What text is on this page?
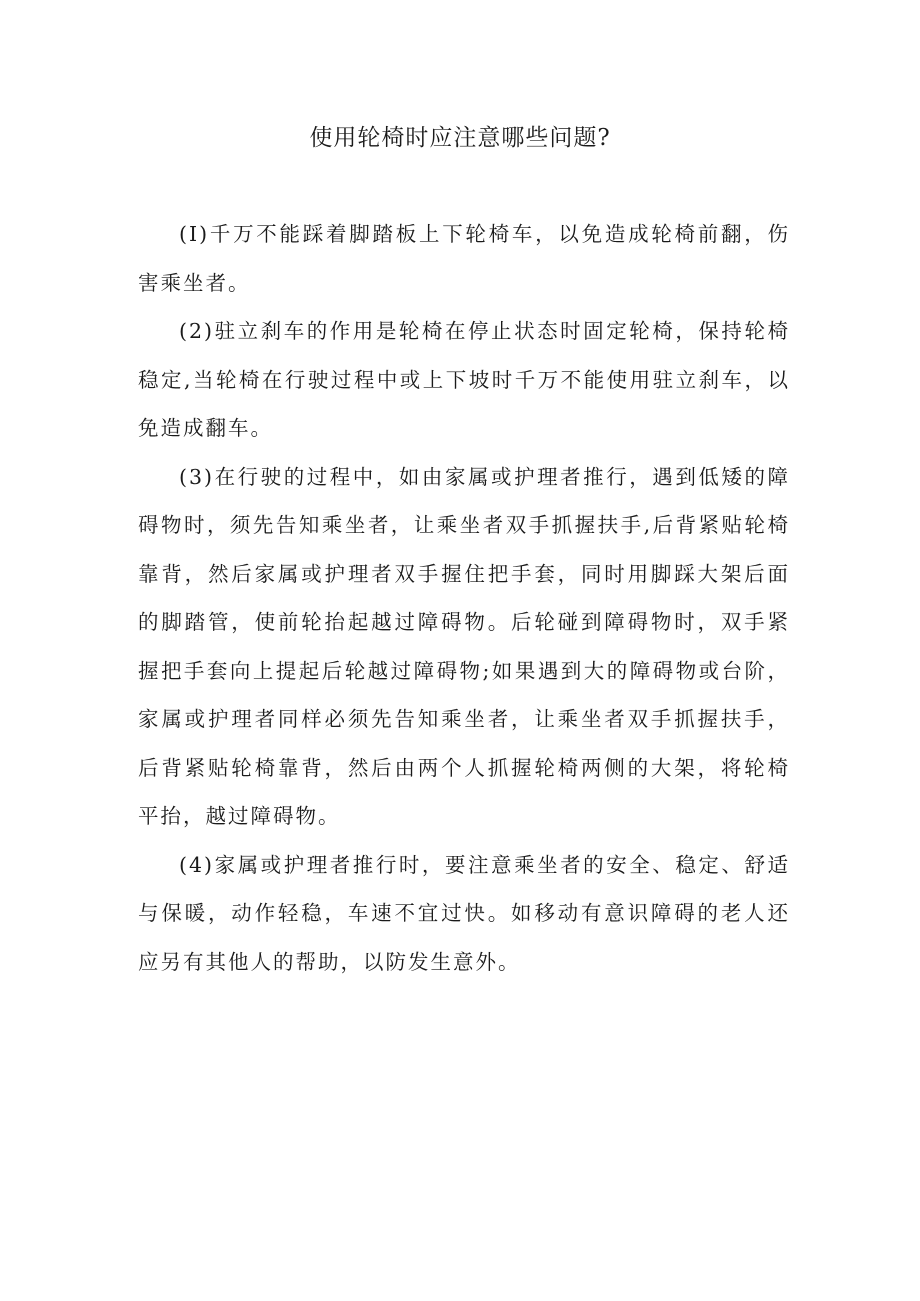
使用轮椅时应注意哪些问题?

(I)千万不能踩着脚踏板上下轮椅车，以免造成轮椅前翻，伤害乘坐者。

(2)驻立刹车的作用是轮椅在停止状态时固定轮椅，保持轮椅稳定,当轮椅在行驶过程中或上下坡时千万不能使用驻立刹车，以免造成翻车。

(3)在行驶的过程中，如由家属或护理者推行，遇到低矮的障碍物时，须先告知乘坐者，让乘坐者双手抓握扶手,后背紧贴轮椅靠背，然后家属或护理者双手握住把手套，同时用脚踩大架后面的脚踏管，使前轮抬起越过障碍物。后轮碰到障碍物时，双手紧握把手套向上提起后轮越过障碍物;如果遇到大的障碍物或台阶，家属或护理者同样必须先告知乘坐者，让乘坐者双手抓握扶手，后背紧贴轮椅靠背，然后由两个人抓握轮椅两侧的大架，将轮椅平抬，越过障碍物。

(4)家属或护理者推行时，要注意乘坐者的安全、稳定、舒适与保暖，动作轻稳，车速不宜过快。如移动有意识障碍的老人还应另有其他人的帮助，以防发生意外。
